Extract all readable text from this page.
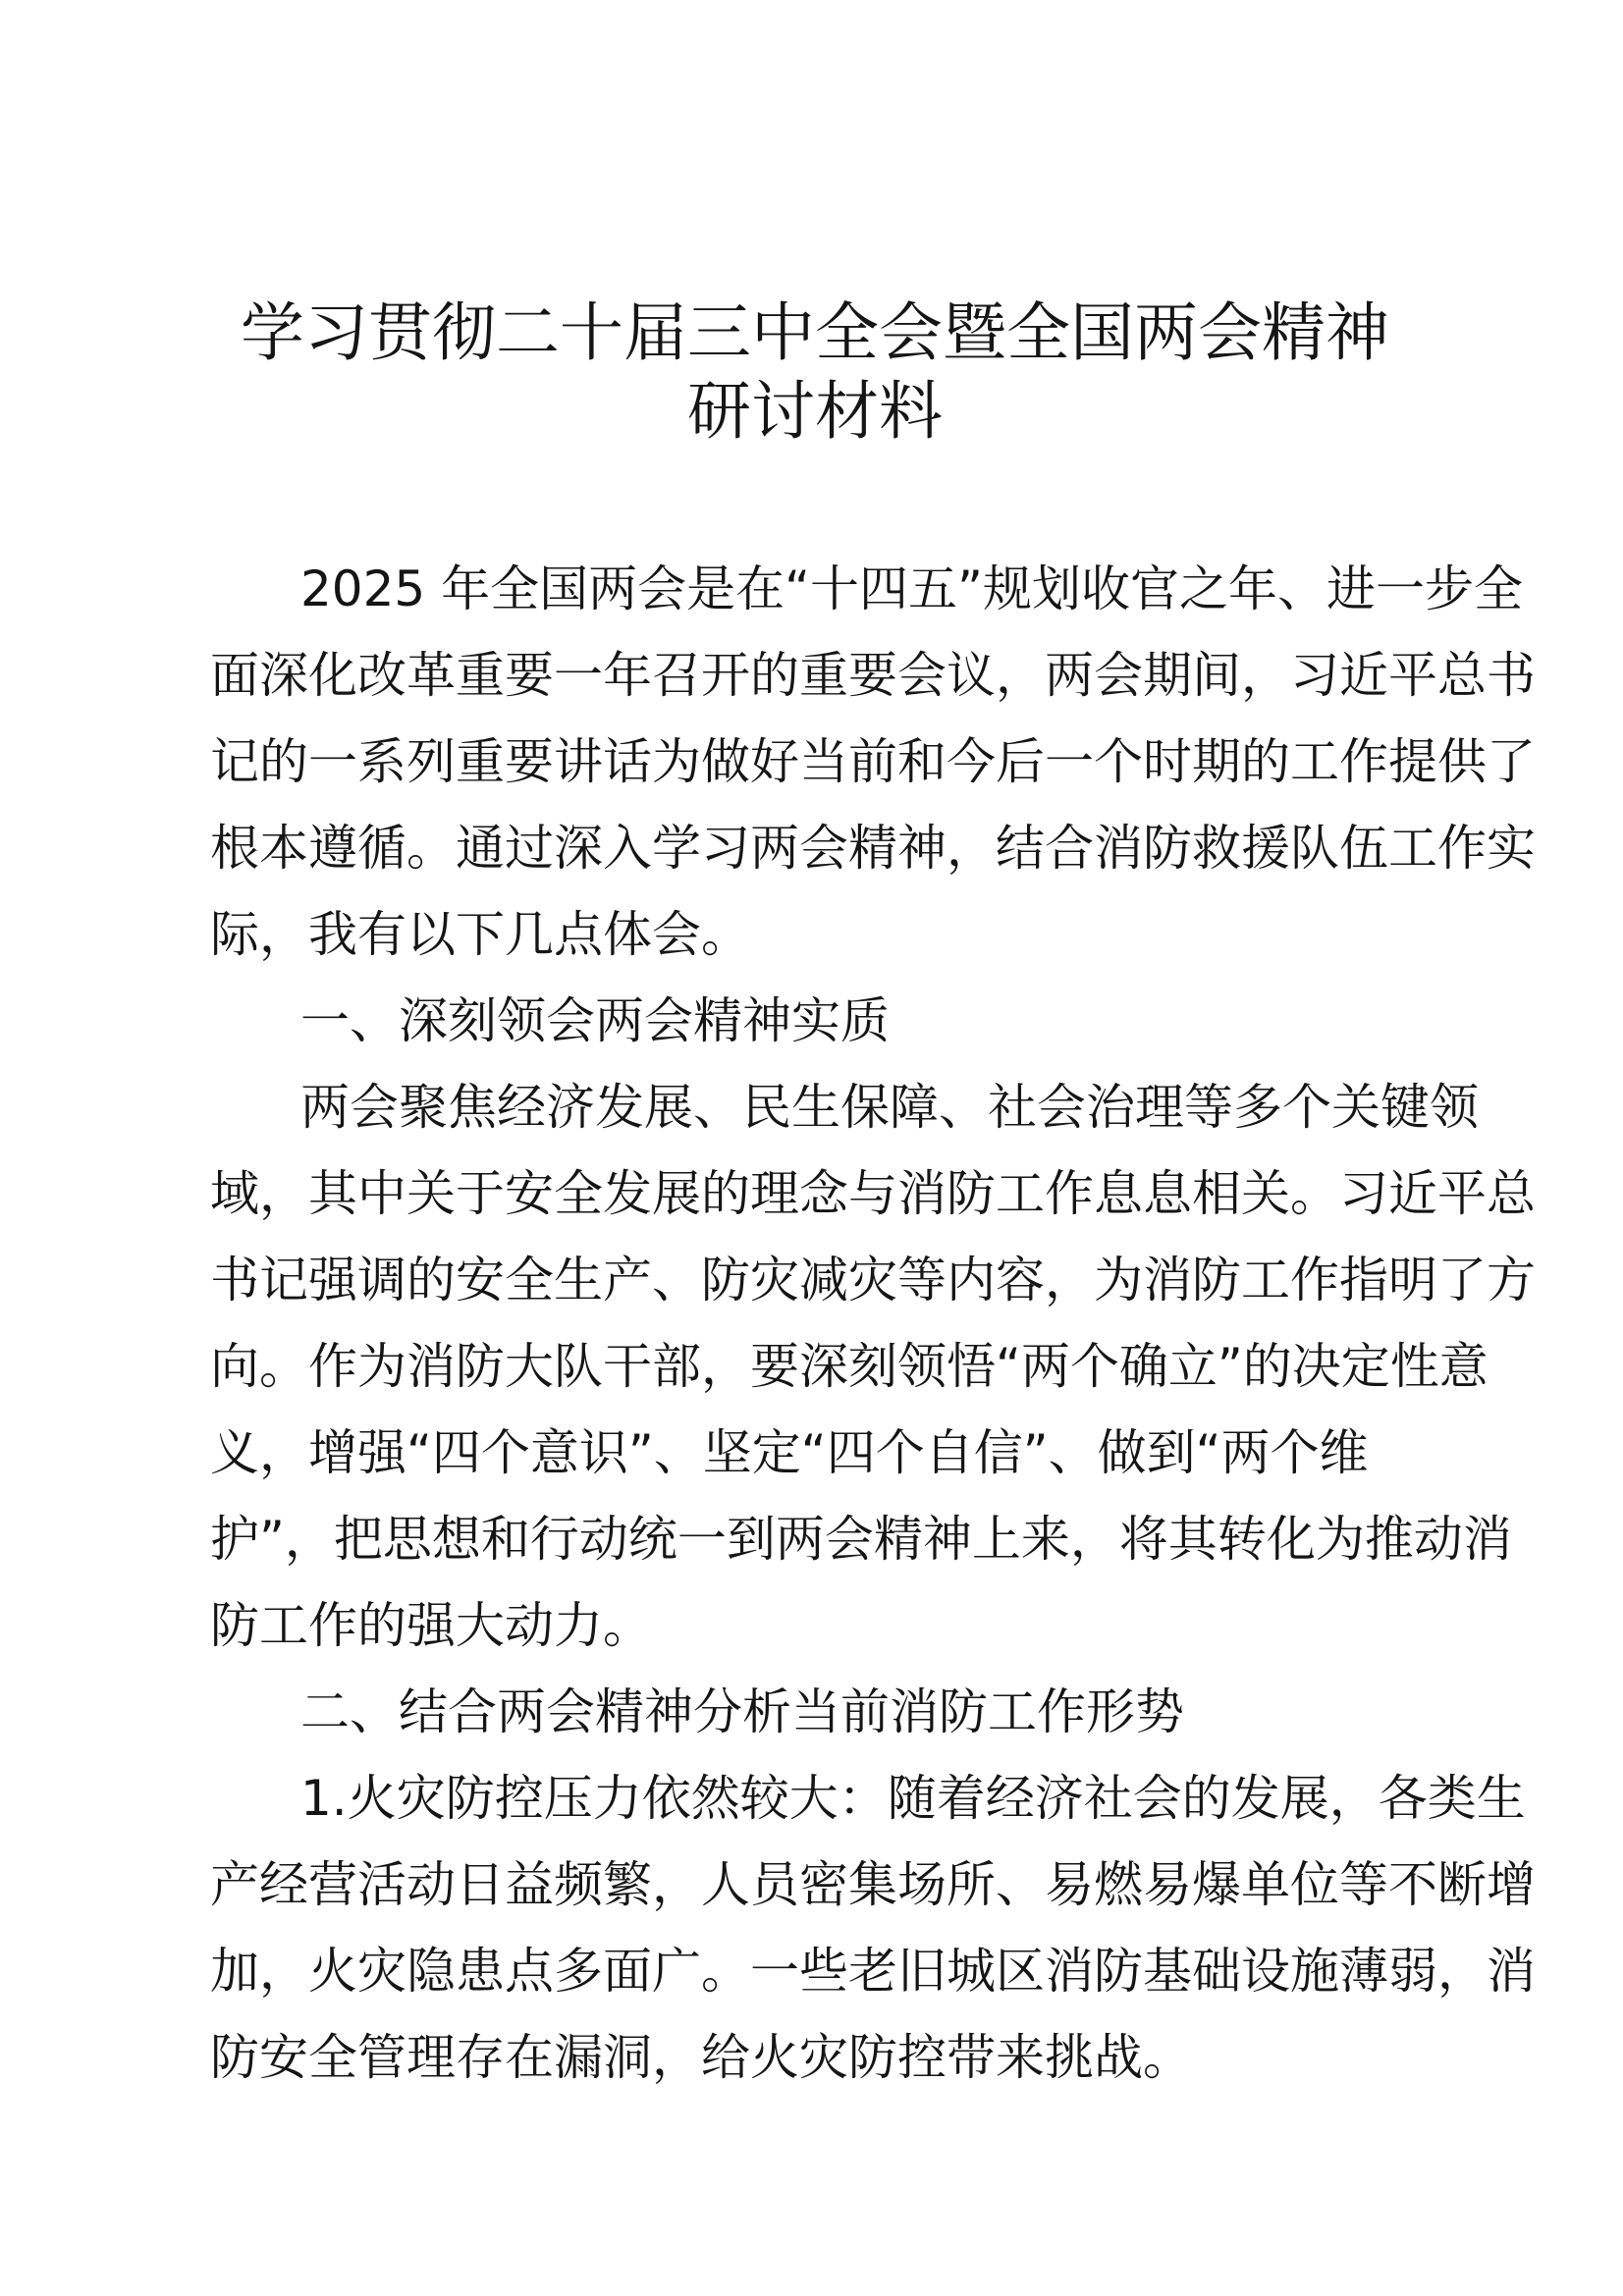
学习贯彻二十届三中全会暨全国两会精神
研讨材料
2025 年全国两会是在“十四五”规划收官之年、进一步全
面深化改革重要一年召开的重要会议，两会期间，习近平总书
记的一系列重要讲话为做好当前和今后一个时期的工作提供了
根本遵循。通过深入学习两会精神，结合消防救援队伍工作实
际，我有以下几点体会。
一、深刻领会两会精神实质
两会聚焦经济发展、民生保障、社会治理等多个关键领
域，其中关于安全发展的理念与消防工作息息相关。习近平总
书记强调的安全生产、防灾减灾等内容，为消防工作指明了方
向。作为消防大队干部，要深刻领悟“两个确立”的决定性意
义，增强“四个意识”、坚定“四个自信”、做到“两个维
护”，把思想和行动统一到两会精神上来，将其转化为推动消
防工作的强大动力。
二、结合两会精神分析当前消防工作形势
1.火灾防控压力依然较大：随着经济社会的发展，各类生
产经营活动日益频繁，人员密集场所、易燃易爆单位等不断增
加，火灾隐患点多面广。一些老旧城区消防基础设施薄弱，消
防安全管理存在漏洞，给火灾防控带来挑战。
